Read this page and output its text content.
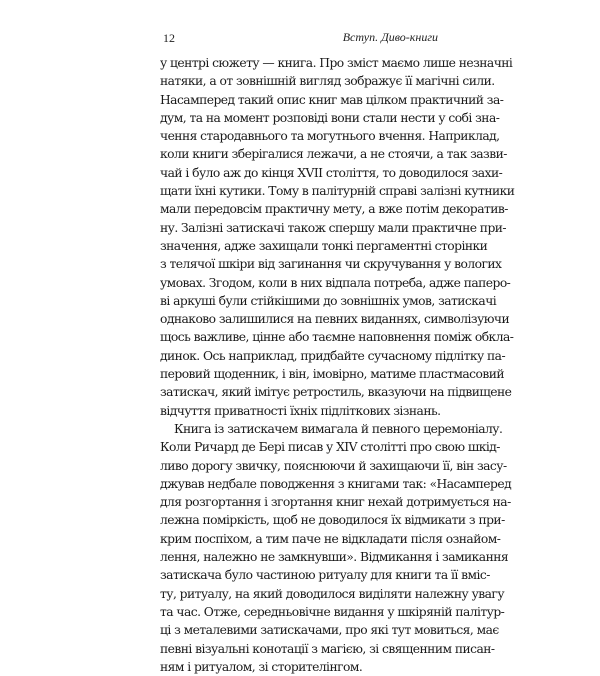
12	Вступ. Диво-книги
у центрі сюжету — книга. Про зміст маємо лише незначні
натяки, а от зовнішній вигляд зображує її магічні сили.
Насамперед такий опис книг мав цілком практичний за-
дум, та на момент розповіді вони стали нести у собі зна-
чення стародавнього та могутнього вчення. Наприклад,
коли книги зберігалися лежачи, а не стоячи, а так зазви-
чай і було аж до кінця XVII століття, то доводилося захи-
щати їхні кутики. Тому в палітурній справі залізні кутники
мали передовсім практичну мету, а вже потім декоратив-
ну. Залізні затискачі також спершу мали практичне при-
значення, адже захищали тонкі пергаментні сторінки
з телячої шкіри від загинання чи скручування у вологих
умовах. Згодом, коли в них відпала потреба, адже паперо-
ві аркуші були стійкішими до зовнішніх умов, затискачі
однаково залишилися на певних виданнях, символізуючи
щось важливе, цінне або таємне наповнення поміж обкла-
динок. Ось наприклад, придбайте сучасному підлітку па-
перовий щоденник, і він, імовірно, матиме пластмасовий
затискач, який імітує ретростиль, вказуючи на підвищене
відчуття приватності їхніх підліткових зізнань.
Книга із затискачем вимагала й певного церемоніалу.
Коли Ричард де Бері писав у XIV столітті про свою шкід-
ливо дорогу звичку, пояснюючи й захищаючи її, він засу-
джував недбале поводження з книгами так: «Насамперед
для розгортання і згортання книг нехай дотримується на-
лежна поміркість, щоб не доводилося їх відмикати з при-
крим поспіхом, а тим паче не відкладати після ознайом-
лення, належно не замкнувши». Відмикання і замикання
затискача було частиною ритуалу для книги та її вміс-
ту, ритуалу, на який доводилося виділяти належну увагу
та час. Отже, середньовічне видання у шкіряній палітур-
ці з металевими затискачами, про які тут мовиться, має
певні візуальні конотації з магією, зі священним писан-
ням і ритуалом, зі сторителінгом.
